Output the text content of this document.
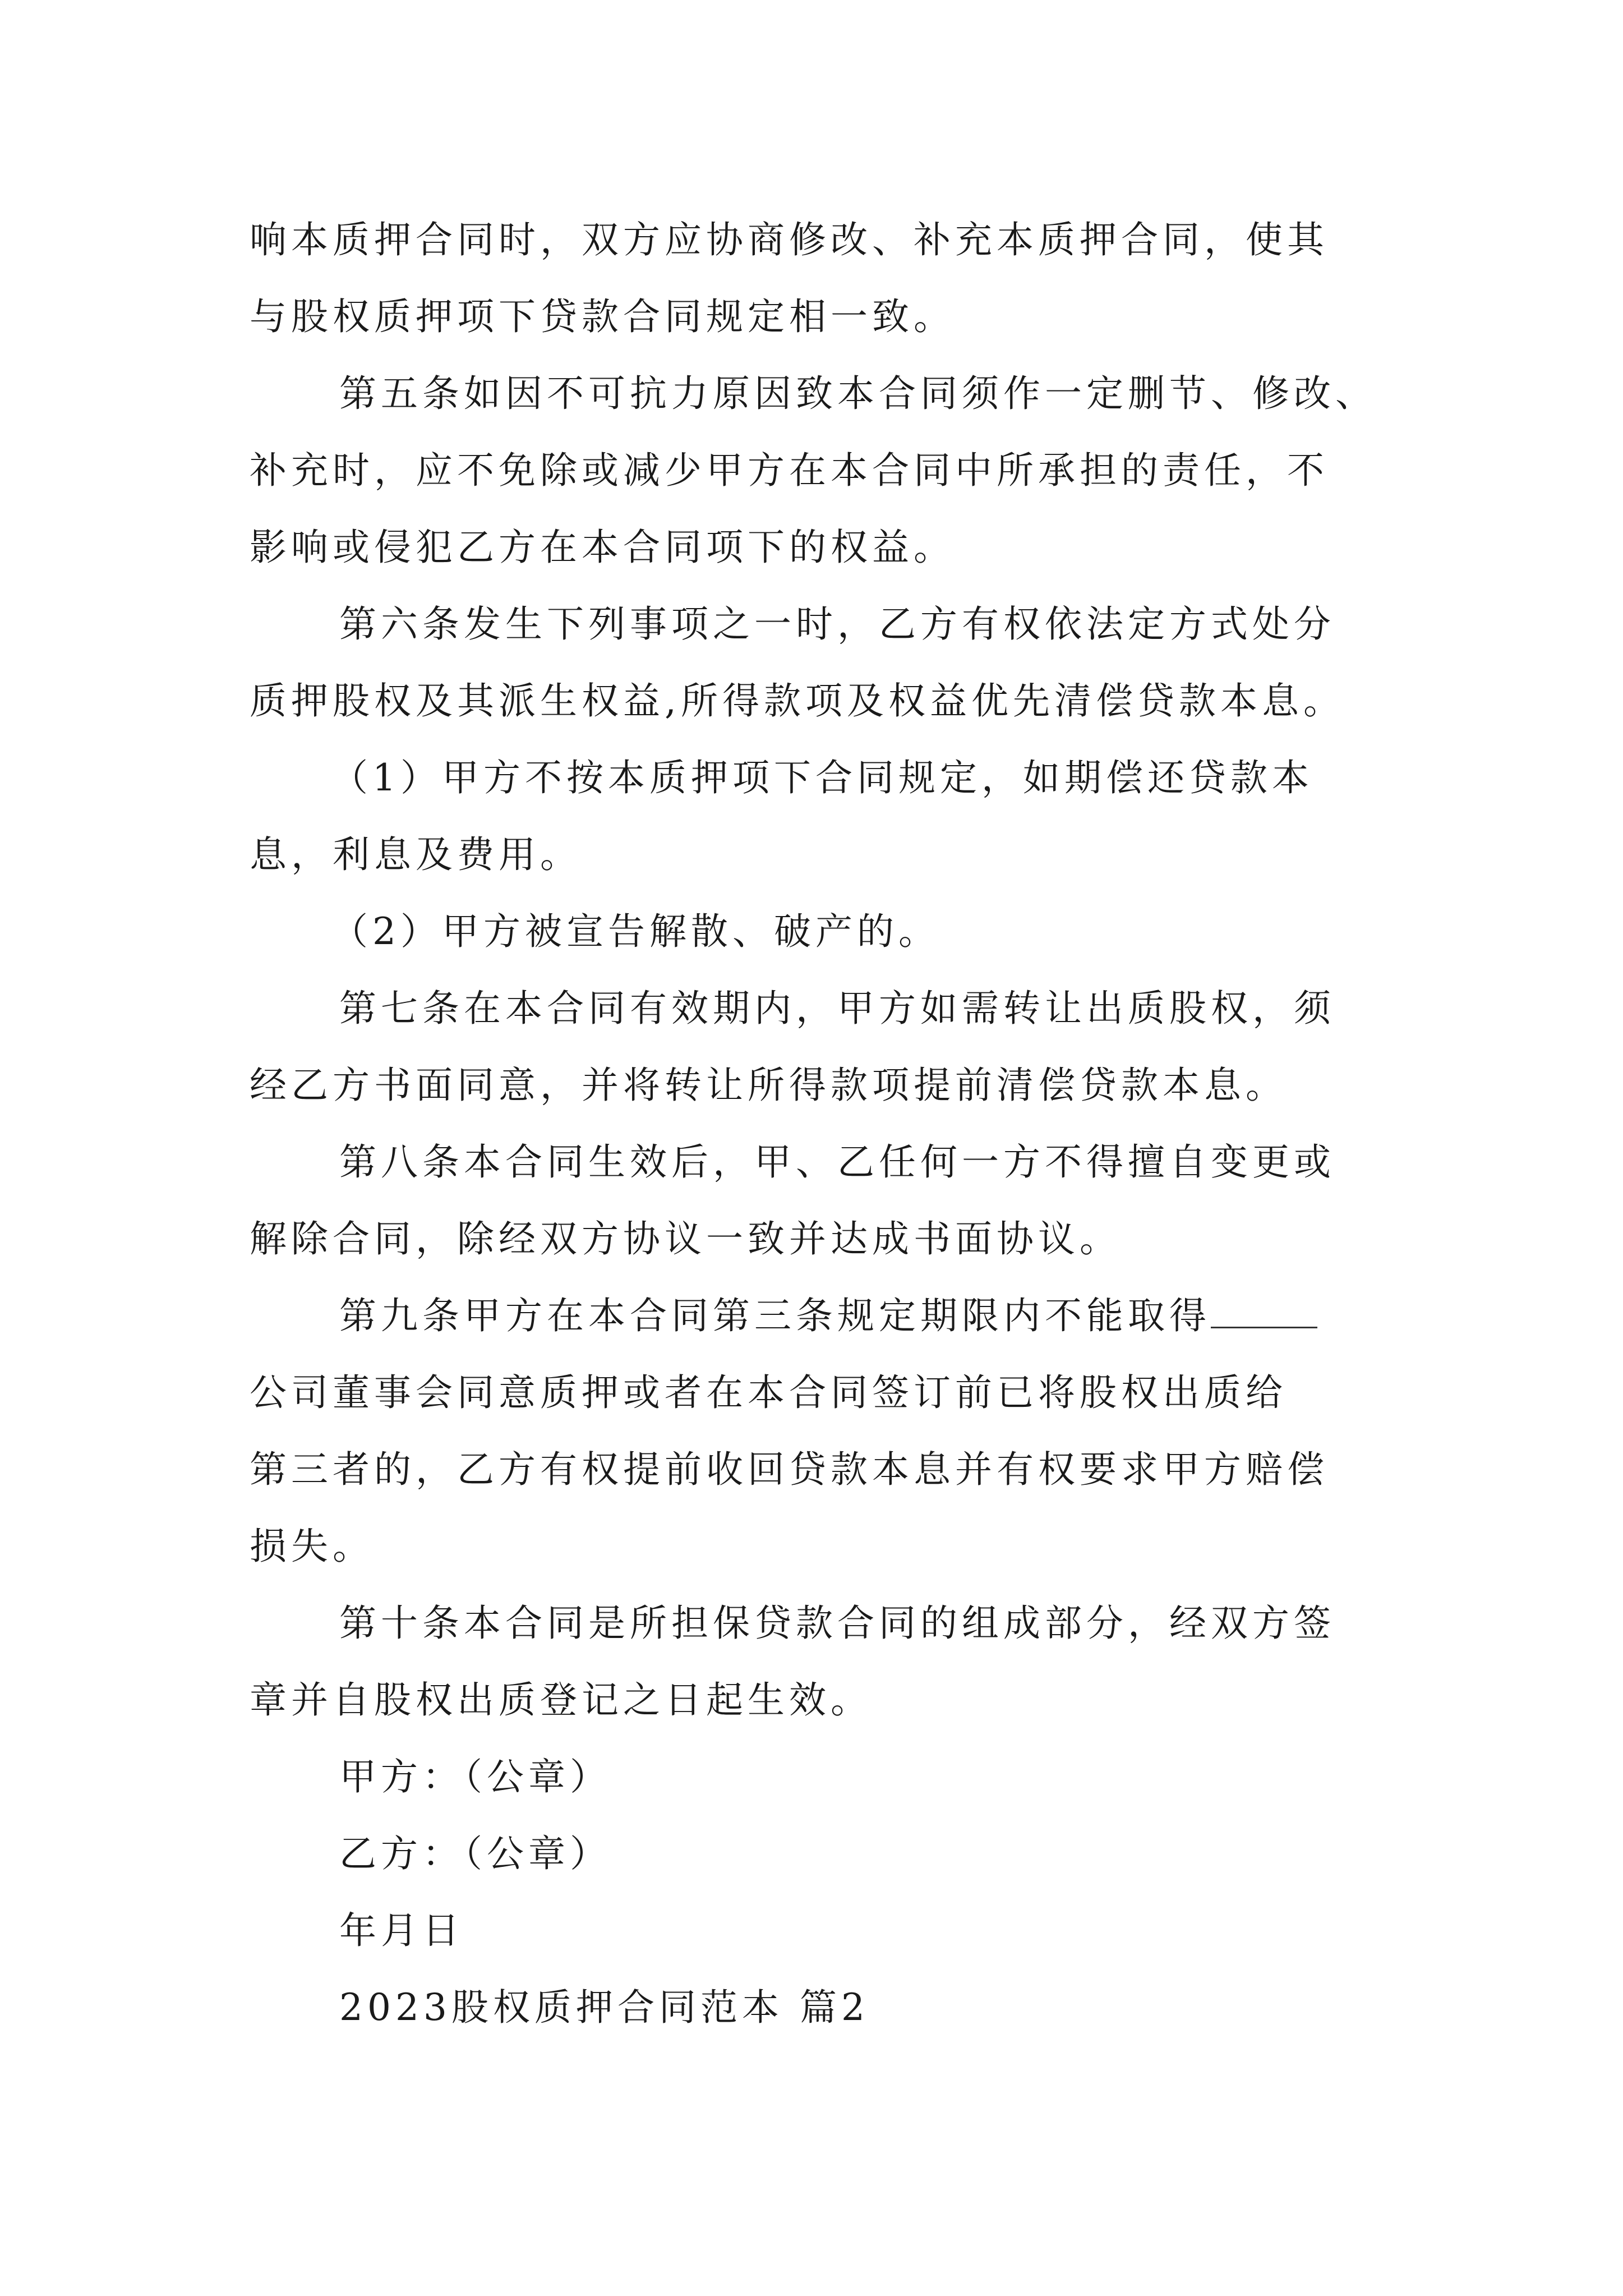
响本质押合同时，双方应协商修改、补充本质押合同，使其
与股权质押项下贷款合同规定相一致。
第五条如因不可抗力原因致本合同须作一定删节、修改、
补充时，应不免除或减少甲方在本合同中所承担的责任，不
影响或侵犯乙方在本合同项下的权益。
第六条发生下列事项之一时，乙方有权依法定方式处分
质押股权及其派生权益,所得款项及权益优先清偿贷款本息。
（1）甲方不按本质押项下合同规定，如期偿还贷款本
息，利息及费用。
（2）甲方被宣告解散、破产的。
第七条在本合同有效期内，甲方如需转让出质股权，须
经乙方书面同意，并将转让所得款项提前清偿贷款本息。
第八条本合同生效后，甲、乙任何一方不得擅自变更或
解除合同，除经双方协议一致并达成书面协议。
第九条甲方在本合同第三条规定期限内不能取得
公司董事会同意质押或者在本合同签订前已将股权出质给
第三者的，乙方有权提前收回贷款本息并有权要求甲方赔偿
损失。
第十条本合同是所担保贷款合同的组成部分，经双方签
章并自股权出质登记之日起生效。
甲方：（公章）
乙方：（公章）
年月日
2023股权质押合同范本 篇2
